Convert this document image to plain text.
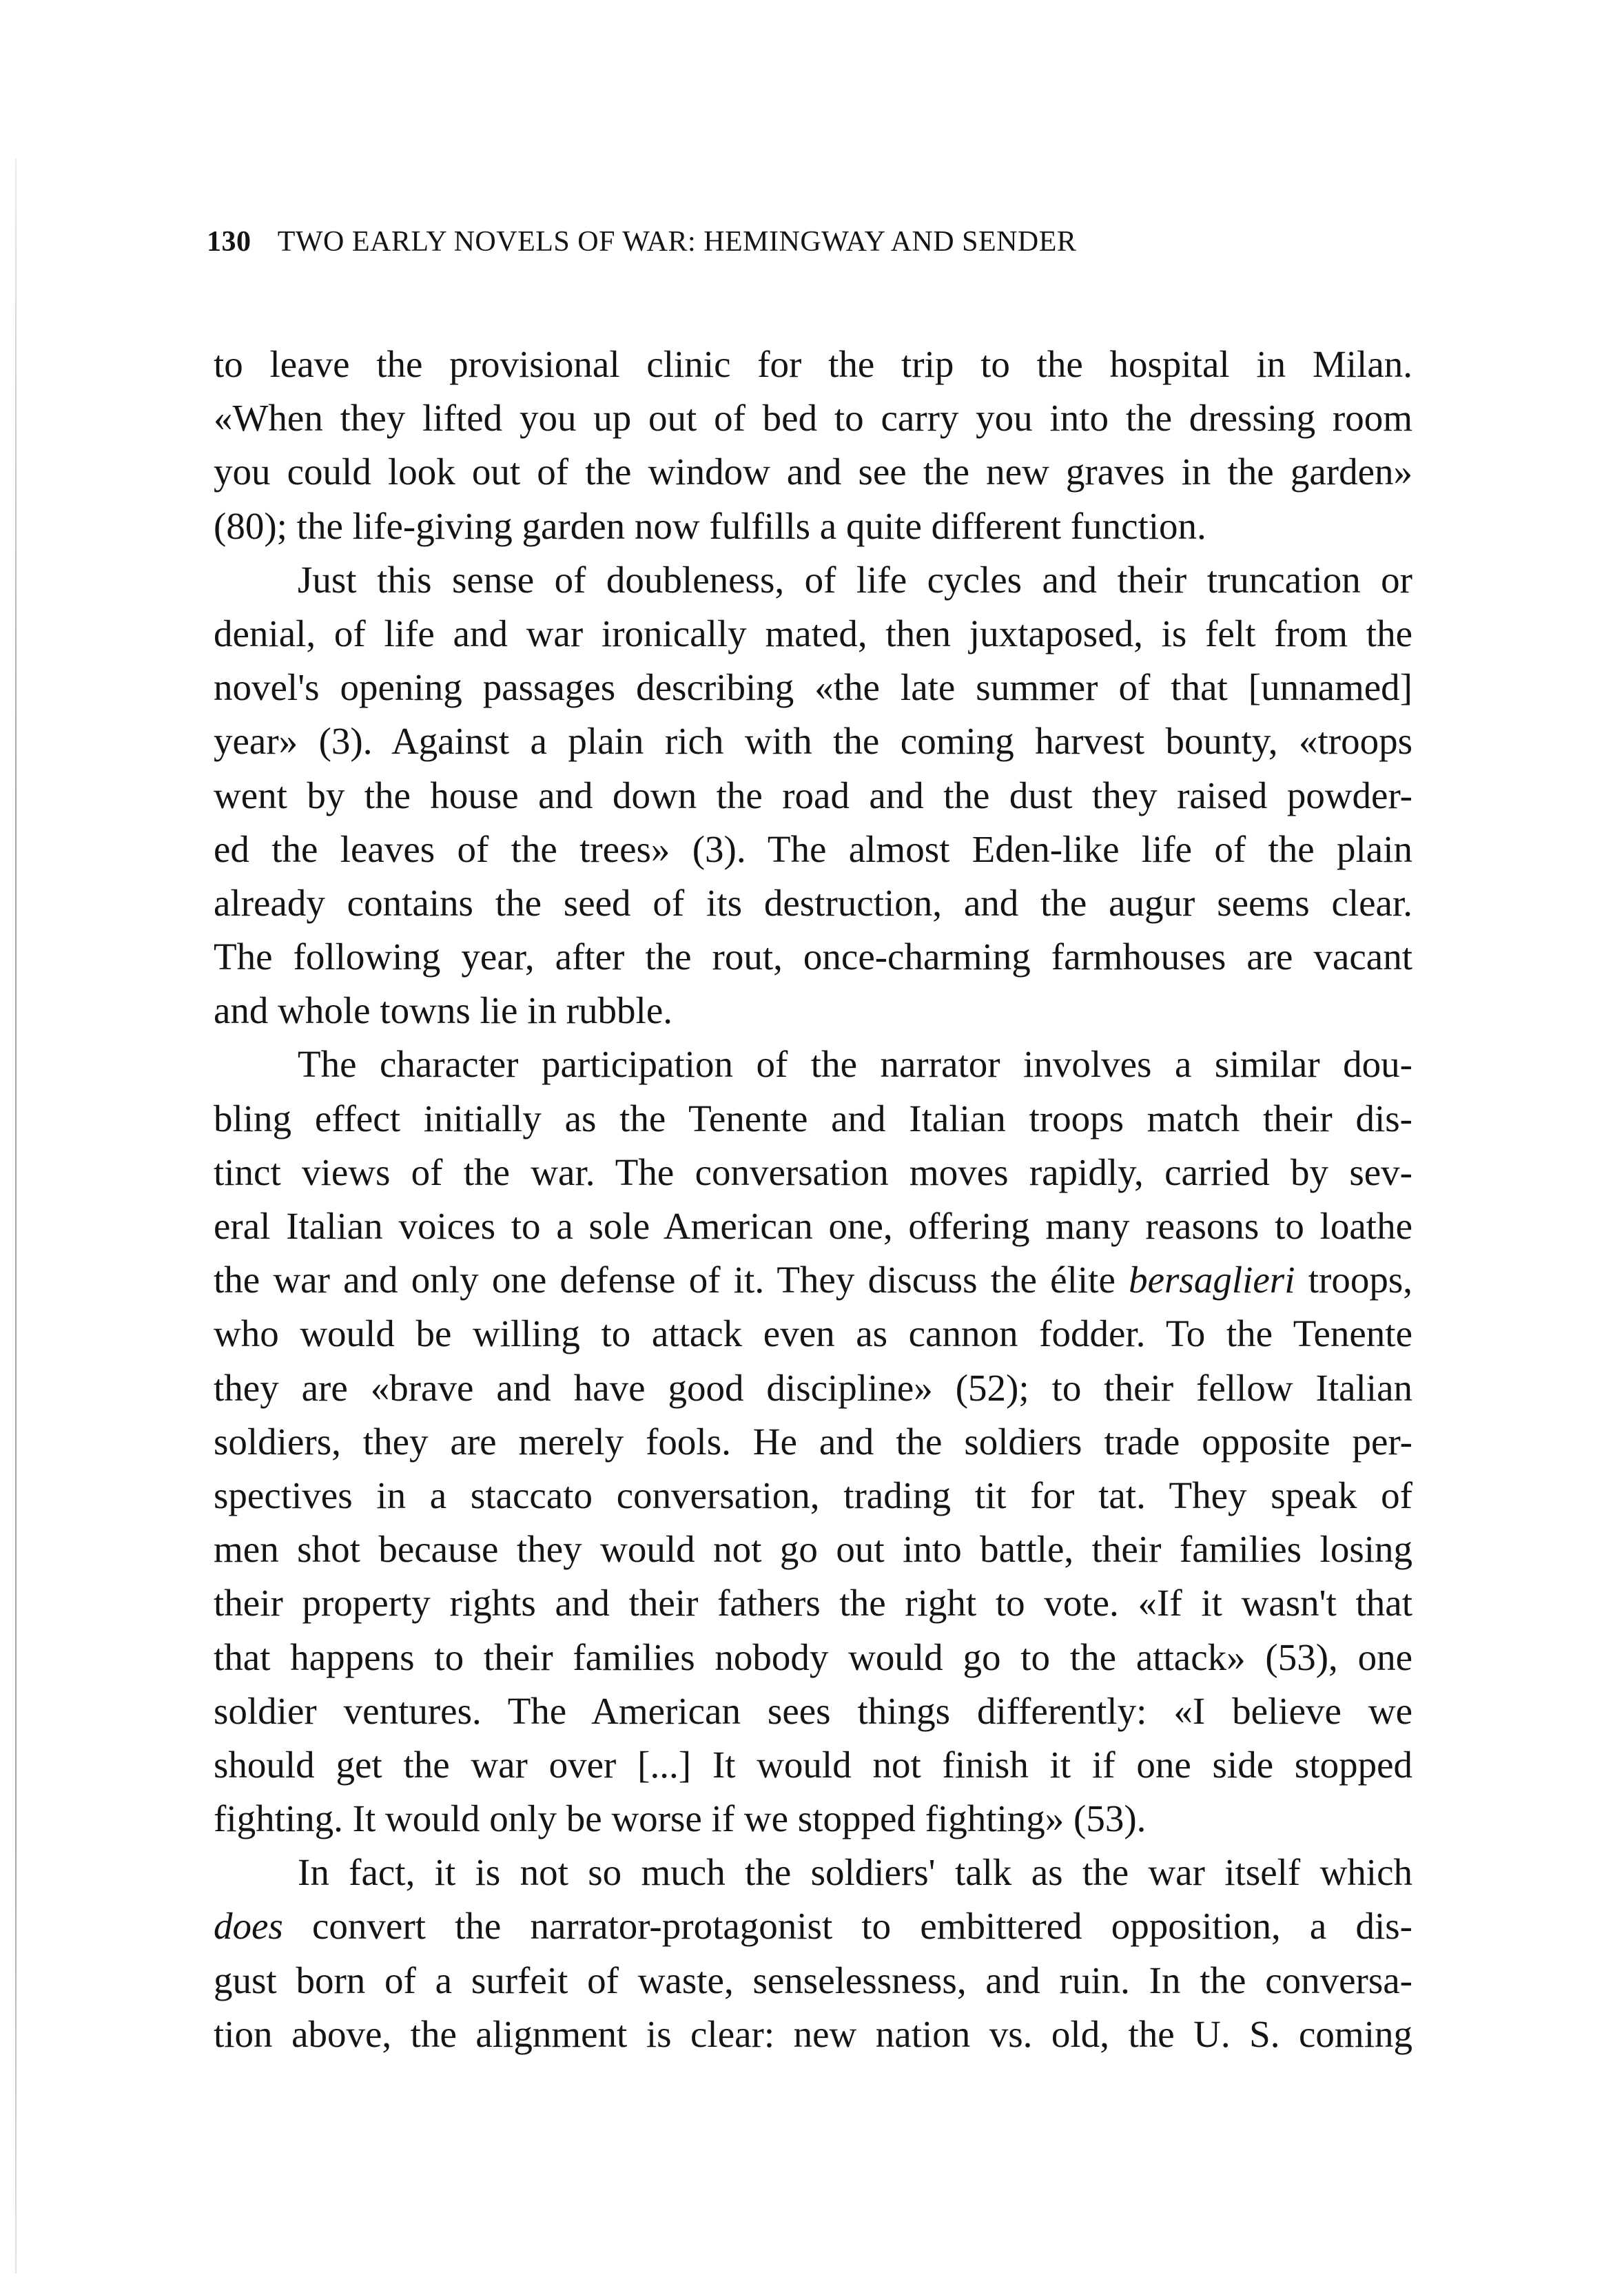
130 TWO EARLY NOVELS OF WAR: HEMINGWAY AND SENDER
to leave the provisional clinic for the trip to the hospital in Milan.
«When they lifted you up out of bed to carry you into the dressing room
you could look out of the window and see the new graves in the garden»
(80); the life-giving garden now fulfills a quite different function.
Just this sense of doubleness, of life cycles and their truncation or
denial, of life and war ironically mated, then juxtaposed, is felt from the
novel's opening passages describing «the late summer of that [unnamed]
year» (3). Against a plain rich with the coming harvest bounty, «troops
went by the house and down the road and the dust they raised powder-
ed the leaves of the trees» (3). The almost Eden-like life of the plain
already contains the seed of its destruction, and the augur seems clear.
The following year, after the rout, once-charming farmhouses are vacant
and whole towns lie in rubble.
The character participation of the narrator involves a similar dou-
bling effect initially as the Tenente and Italian troops match their dis-
tinct views of the war. The conversation moves rapidly, carried by sev-
eral Italian voices to a sole American one, offering many reasons to loathe
the war and only one defense of it. They discuss the élite bersaglieri troops,
who would be willing to attack even as cannon fodder. To the Tenente
they are «brave and have good discipline» (52); to their fellow Italian
soldiers, they are merely fools. He and the soldiers trade opposite per-
spectives in a staccato conversation, trading tit for tat. They speak of
men shot because they would not go out into battle, their families losing
their property rights and their fathers the right to vote. «If it wasn't that
that happens to their families nobody would go to the attack» (53), one
soldier ventures. The American sees things differently: «I believe we
should get the war over [...] It would not finish it if one side stopped
fighting. It would only be worse if we stopped fighting» (53).
In fact, it is not so much the soldiers' talk as the war itself which
does convert the narrator-protagonist to embittered opposition, a dis-
gust born of a surfeit of waste, senselessness, and ruin. In the conversa-
tion above, the alignment is clear: new nation vs. old, the U. S. coming
